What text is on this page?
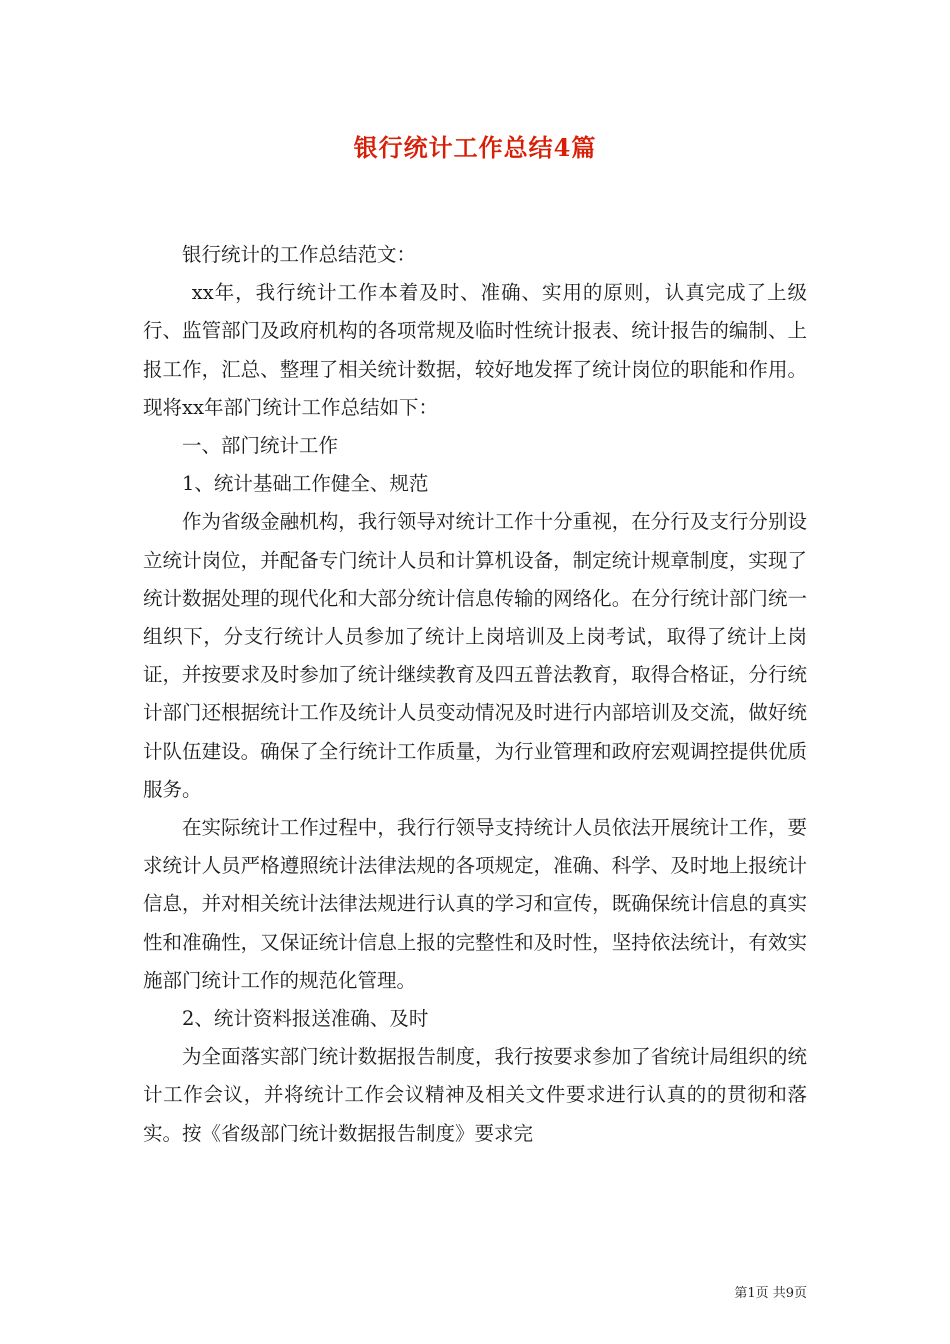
银行统计工作总结4篇

银行统计的工作总结范文：

xx年，我行统计工作本着及时、准确、实用的原则，认真完成了上级行、监管部门及政府机构的各项常规及临时性统计报表、统计报告的编制、上报工作，汇总、整理了相关统计数据，较好地发挥了统计岗位的职能和作用。现将xx年部门统计工作总结如下：

一、部门统计工作

1、统计基础工作健全、规范

作为省级金融机构，我行领导对统计工作十分重视，在分行及支行分别设立统计岗位，并配备专门统计人员和计算机设备，制定统计规章制度，实现了统计数据处理的现代化和大部分统计信息传输的网络化。在分行统计部门统一组织下，分支行统计人员参加了统计上岗培训及上岗考试，取得了统计上岗证，并按要求及时参加了统计继续教育及四五普法教育，取得合格证，分行统计部门还根据统计工作及统计人员变动情况及时进行内部培训及交流，做好统计队伍建设。确保了全行统计工作质量，为行业管理和政府宏观调控提供优质服务。

在实际统计工作过程中，我行行领导支持统计人员依法开展统计工作，要求统计人员严格遵照统计法律法规的各项规定，准确、科学、及时地上报统计信息，并对相关统计法律法规进行认真的学习和宣传，既确保统计信息的真实性和准确性，又保证统计信息上报的完整性和及时性，坚持依法统计，有效实施部门统计工作的规范化管理。

2、统计资料报送准确、及时

为全面落实部门统计数据报告制度，我行按要求参加了省统计局组织的统计工作会议，并将统计工作会议精神及相关文件要求进行认真的的贯彻和落实。按《省级部门统计数据报告制度》要求完

第1页 共9页
